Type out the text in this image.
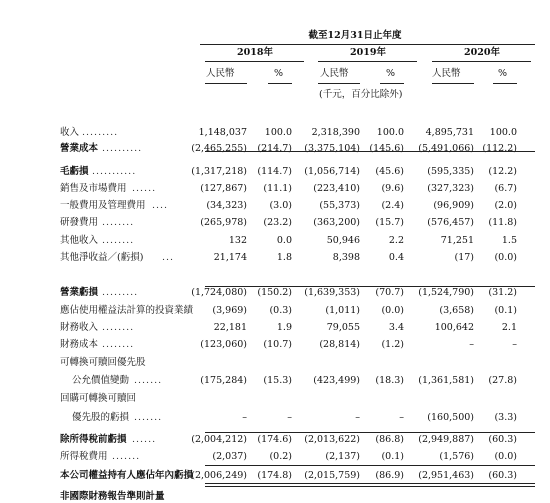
截至12月31日止年度
2018年	2019年	2020年
人民幣	%	人民幣	%	人民幣	%
(千元，百分比除外)
收入 .........	1,148,037	100.0	2,318,390	100.0	4,895,731	100.0
營業成本 ..........	(2,465,255)	(214.7)	(3,375,104) (145.6)	(5,491,066) (112.2)
毛虧損 ...........	(1,317,218)	(114.7)	(1,056,714)	(45.6)	(595,335)	(12.2)
銷售及市場費用 ......	(127,867)	(11.1)	(223,410)	(9.6)	(327,323)	(6.7)
一般費用及管理費用 ....	(34,323)	(3.0)	(55,373)	(2.4)	(96,909)	(2.0)
研發費用 ........	(265,978)	(23.2)	(363,200)	(15.7)	(576,457)	(11.8)
其他收入 ........	132	0.0	50,946	2.2	71,251	1.5
其他淨收益／(虧損) ...	21,174	1.8	8,398	0.4	(17)	(0.0)
營業虧損 .........	(1,724,080)	(150.2)	(1,639,353)	(70.7)	(1,524,790)	(31.2)
應佔使用權益法計算的投資業績	(3,969)	(0.3)	(1,011)	(0.0)	(3,658)	(0.1)
財務收入 ........	22,181	1.9	79,055	3.4	100,642	2.1
財務成本 ........	(123,060)	(10.7)	(28,814)	(1.2)	–	–
可轉換可贖回優先股
公允價值變動 .......	(175,284)	(15.3)	(423,499)	(18.3)	(1,361,581)	(27.8)
回購可轉換可贖回
優先股的虧損 .......	–	–	–	–	(160,500)	(3.3)
除所得稅前虧損 ......	(2,004,212)	(174.6)	(2,013,622)	(86.8)	(2,949,887)	(60.3)
所得稅費用 .......	(2,037)	(0.2)	(2,137)	(0.1)	(1,576)	(0.0)
本公司權益持有人應佔年內虧損
(2,006,249)	(174.8)	(2,015,759)	(86.9)	(2,951,463)	(60.3)
非國際財務報告準則計量
